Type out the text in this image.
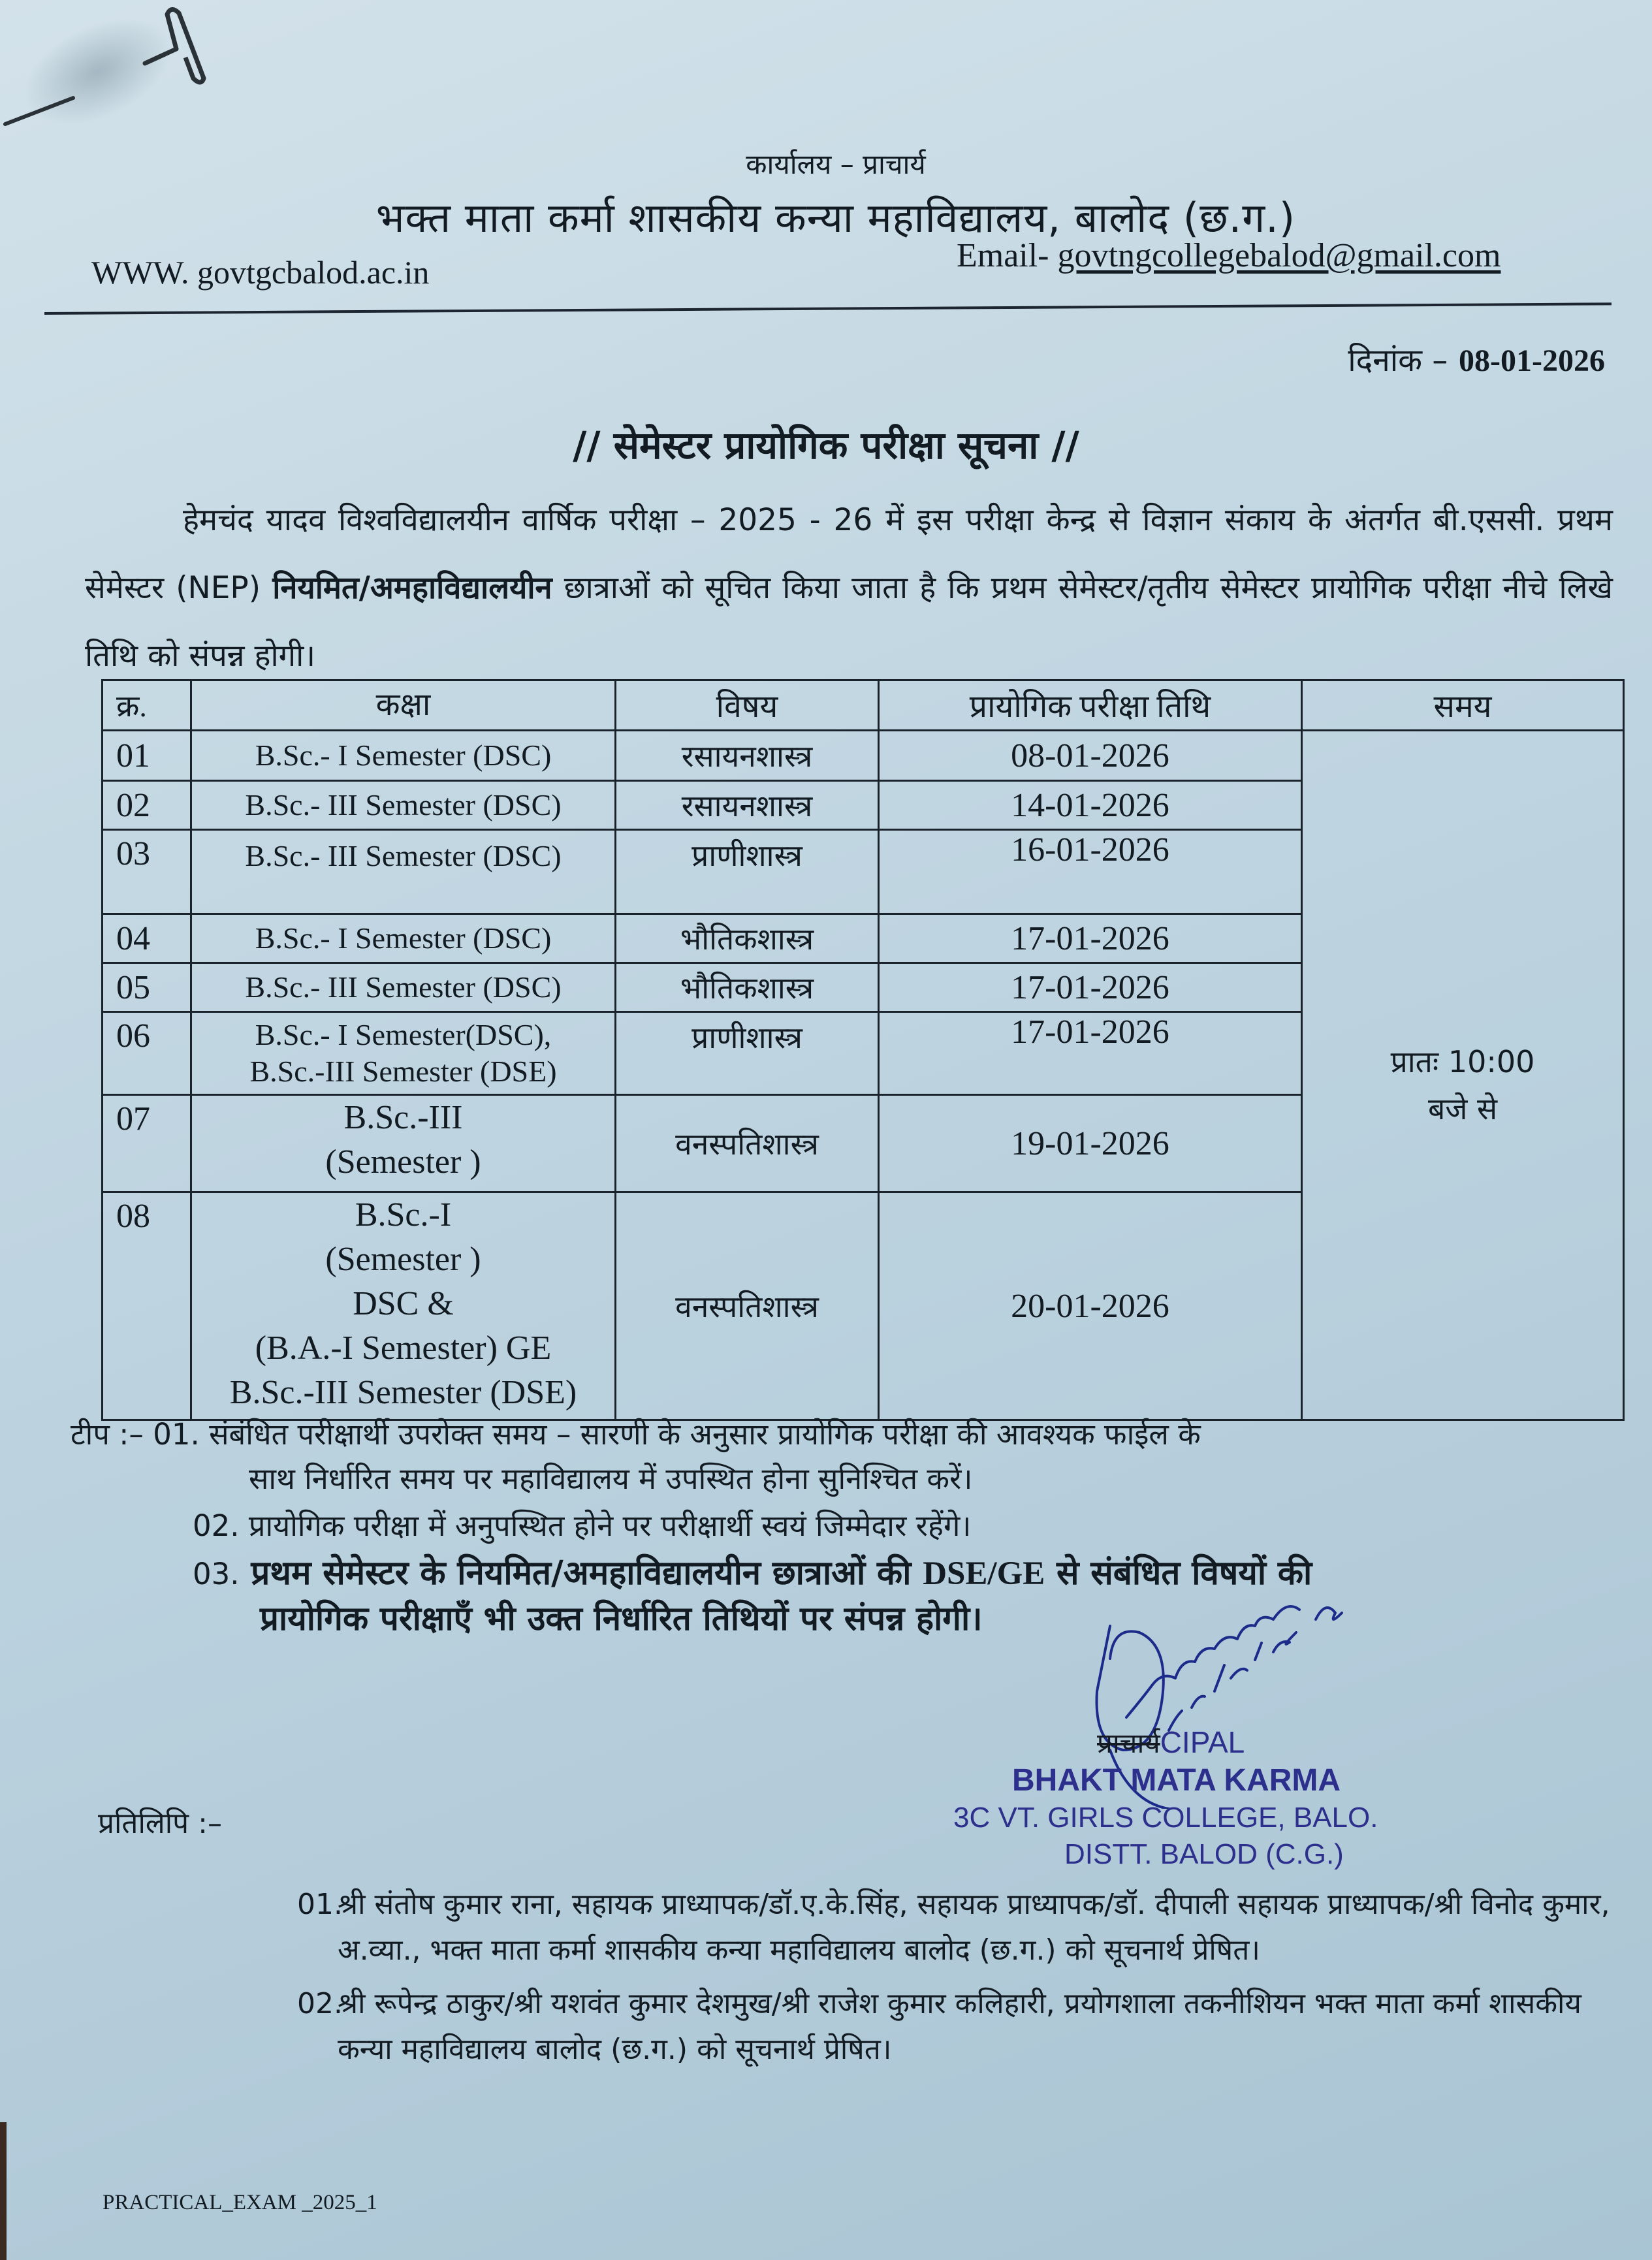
कार्यालय – प्राचार्य
भक्त माता कर्मा शासकीय कन्या महाविद्यालय, बालोद (छ.ग.)
WWW. govtgcbalod.ac.in	Email- govtngcollegebalod@gmail.com
दिनांक – 08-01-2026
// सेमेस्टर प्रायोगिक परीक्षा सूचना //
हेमचंद यादव विश्वविद्यालयीन वार्षिक परीक्षा – 2025 - 26 में इस परीक्षा केन्द्र से विज्ञान संकाय के अंतर्गत बी.एससी. प्रथम सेमेस्टर (NEP) नियमित/अमहाविद्यालयीन छात्राओं को सूचित किया जाता है कि प्रथम सेमेस्टर/तृतीय सेमेस्टर प्रायोगिक परीक्षा नीचे लिखे तिथि को संपन्न होगी।
क्र.	कक्षा	विषय	प्रायोगिक परीक्षा तिथि	समय
01	B.Sc.- I Semester (DSC)	रसायनशास्त्र	08-01-2026	प्रातः 10:00
बजे से

02	B.Sc.- III Semester (DSC)	रसायनशास्त्र	14-01-2026	
03	B.Sc.- III Semester (DSC)	प्राणीशास्त्र	16-01-2026	
04	B.Sc.- I Semester (DSC)	भौतिकशास्त्र	17-01-2026	
05	B.Sc.- III Semester (DSC)	भौतिकशास्त्र	17-01-2026	
06	B.Sc.- I Semester(DSC),
B.Sc.-III Semester (DSE)	प्राणीशास्त्र	17-01-2026	
07	B.Sc.-III
(Semester )	वनस्पतिशास्त्र	19-01-2026	
08	B.Sc.-I
(Semester )
DSC &
(B.A.-I Semester) GE
B.Sc.-III Semester (DSE)	वनस्पतिशास्त्र	20-01-2026	
टीप :– 01. संबंधित परीक्षार्थी उपरोक्त समय – सारणी के अनुसार प्रायोगिक परीक्षा की आवश्यक फाईल के
साथ निर्धारित समय पर महाविद्यालय में उपस्थित होना सुनिश्चित करें।
02. प्रायोगिक परीक्षा में अनुपस्थित होने पर परीक्षार्थी स्वयं जिम्मेदार रहेंगे।
03. प्रथम सेमेस्टर के नियमित/अमहाविद्यालयीन छात्राओं की DSE/GE से संबंधित विषयों की
प्रायोगिक परीक्षाएँ भी उक्त निर्धारित तिथियों पर संपन्न होगी।
प्राचार्यCIPAL
BHAKT MATA KARMA
3C VT. GIRLS COLLEGE, BALO.
DISTT. BALOD (C.G.)
प्रतिलिपि :–
01.
श्री संतोष कुमार राना, सहायक प्राध्यापक/डॉ.ए.के.सिंह, सहायक प्राध्यापक/डॉ. दीपाली सहायक प्राध्यापक/श्री विनोद कुमार, अ.व्या., भक्त माता कर्मा शासकीय कन्या महाविद्यालय बालोद (छ.ग.) को सूचनार्थ प्रेषित।
02.
श्री रूपेन्द्र ठाकुर/श्री यशवंत कुमार देशमुख/श्री राजेश कुमार कलिहारी, प्रयोगशाला तकनीशियन भक्त माता कर्मा शासकीय कन्या महाविद्यालय बालोद (छ.ग.) को सूचनार्थ प्रेषित।
PRACTICAL_EXAM _2025_1
